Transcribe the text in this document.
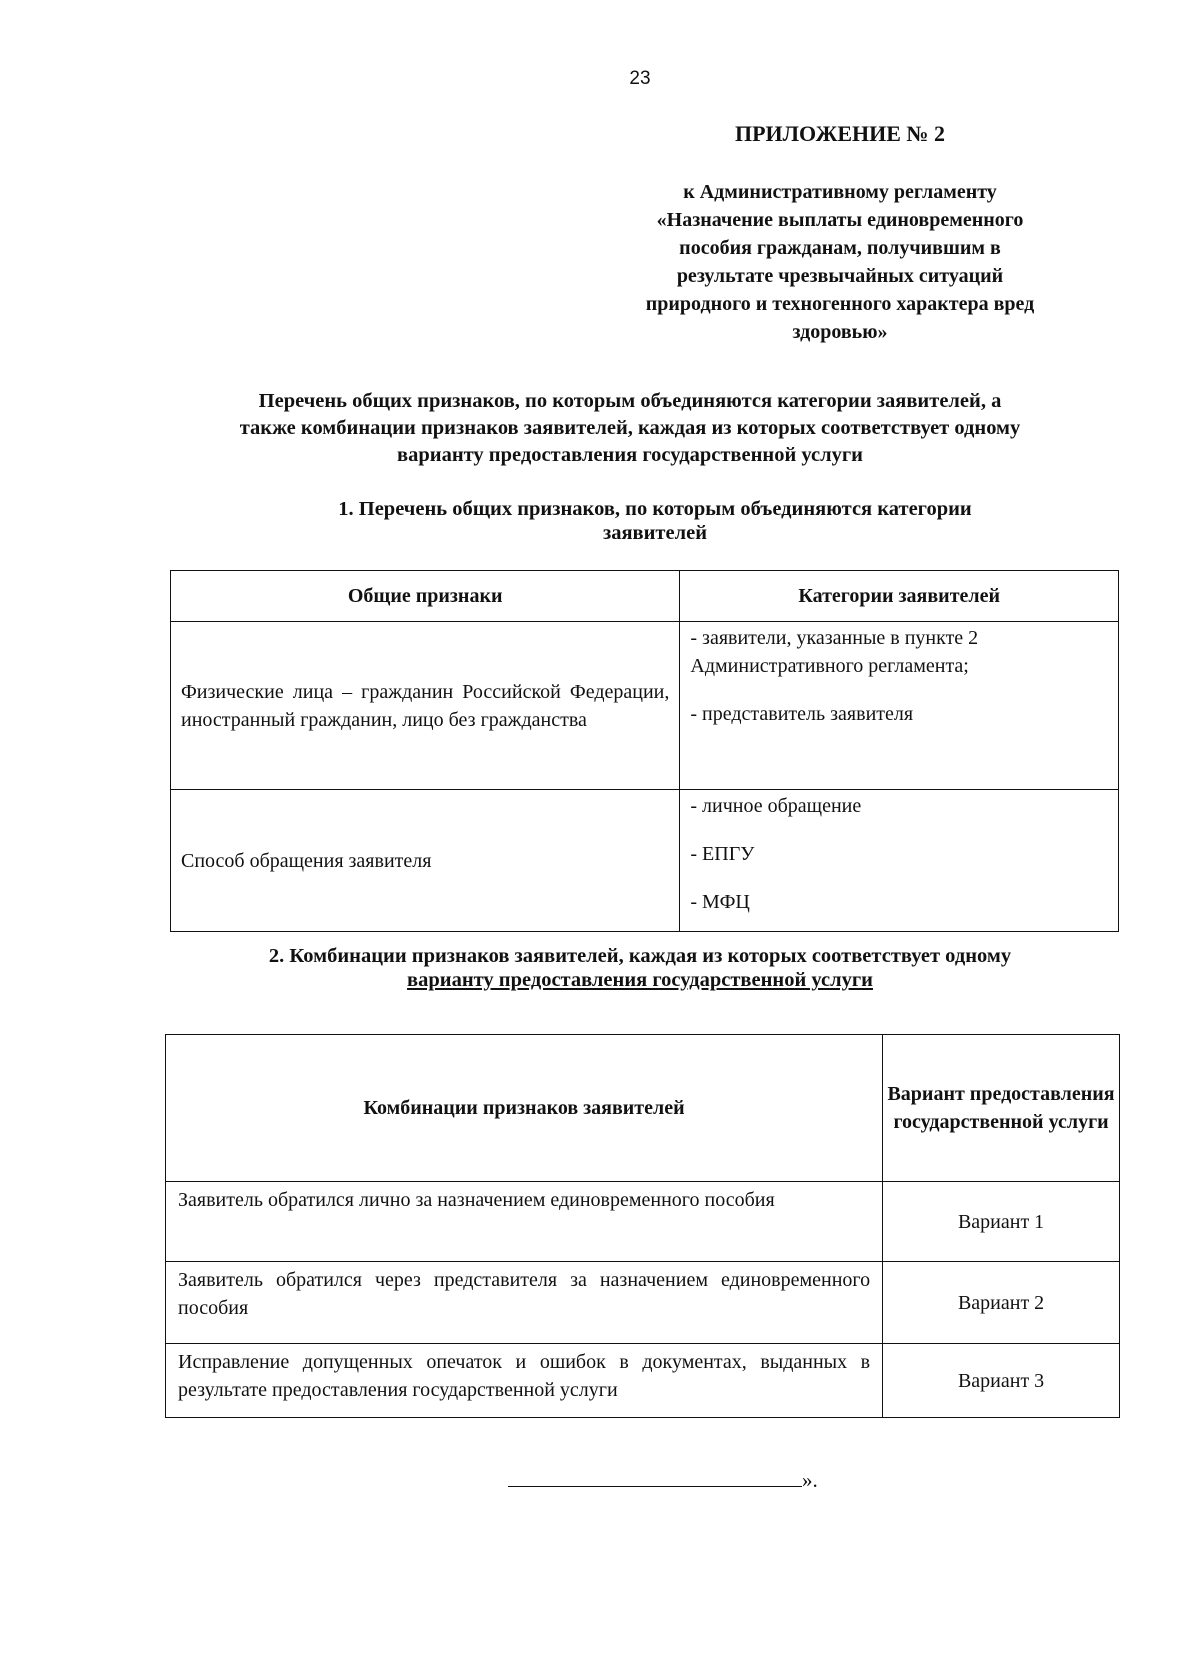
23
ПРИЛОЖЕНИЕ № 2
к Административному регламенту
«Назначение выплаты единовременного
пособия гражданам, получившим в
результате чрезвычайных ситуаций
природного и техногенного характера вред
здоровью»
Перечень общих признаков, по которым объединяются категории заявителей, а
также комбинации признаков заявителей, каждая из которых соответствует одному
варианту предоставления государственной услуги
1. Перечень общих признаков, по которым объединяются категории
заявителей
Общие признаки	Категории заявителей
Физические лица – гражданин Российской Федерации, иностранный гражданин, лицо без гражданства	- заявители, указанные в пункте 2 Административного регламента;

- представитель заявителя

Способ обращения заявителя	- личное обращение

- ЕПГУ

- МФЦ

2. Комбинации признаков заявителей, каждая из которых соответствует одному
варианту предоставления государственной услуги
Комбинации признаков заявителей	Вариант предоставления государственной услуги
Заявитель обратился лично за назначением единовременного пособия	Вариант 1
Заявитель обратился через представителя за назначением единовременного пособия	Вариант 2
Исправление допущенных опечаток и ошибок в документах, выданных в результате предоставления государственной услуги	Вариант 3
».
